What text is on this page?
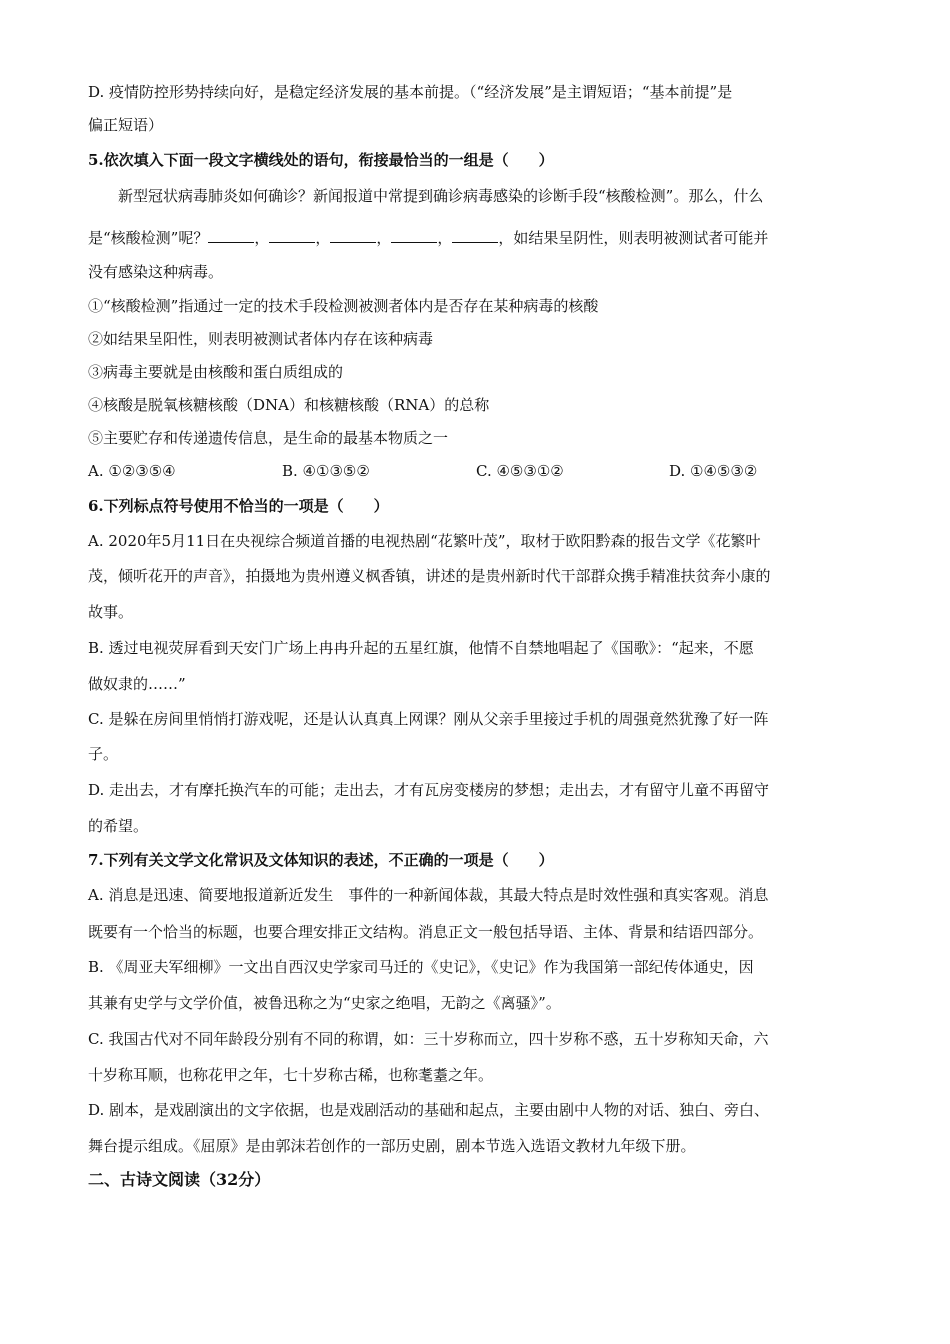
D. 疫情防控形势持续向好，是稳定经济发展的基本前提。（“经济发展”是主谓短语；“基本前提”是
偏正短语）
5.依次填入下面一段文字横线处的语句，衔接最恰当的一组是（　　）
新型冠状病毒肺炎如何确诊？新闻报道中常提到确诊病毒感染的诊断手段“核酸检测”。那么，什么
是“核酸检测”呢？	，	，	，	，	，如结果呈阴性，则表明被测试者可能并
没有感染这种病毒。
①“核酸检测”指通过一定的技术手段检测被测者体内是否存在某种病毒的核酸
②如结果呈阳性，则表明被测试者体内存在该种病毒
③病毒主要就是由核酸和蛋白质组成的
④核酸是脱氧核糖核酸（DNA）和核糖核酸（RNA）的总称
⑤主要贮存和传递遗传信息，是生命的最基本物质之一
A. ①②③⑤④	B. ④①③⑤②	C. ④⑤③①②	D. ①④⑤③②
6.下列标点符号使用不恰当的一项是（　　）
A. 2020年5月11日在央视综合频道首播的电视热剧“花繁叶茂”，取材于欧阳黔森的报告文学《花繁叶
茂，倾听花开的声音》，拍摄地为贵州遵义枫香镇，讲述的是贵州新时代干部群众携手精准扶贫奔小康的
故事。
B. 透过电视荧屏看到天安门广场上冉冉升起的五星红旗，他情不自禁地唱起了《国歌》：“起来，不愿
做奴隶的……”
C. 是躲在房间里悄悄打游戏呢，还是认认真真上网课？刚从父亲手里接过手机的周强竟然犹豫了好一阵
子。
D. 走出去，才有摩托换汽车的可能；走出去，才有瓦房变楼房的梦想；走出去，才有留守儿童不再留守
的希望。
7.下列有关文学文化常识及文体知识的表述，不正确的一项是（　　）
A. 消息是迅速、简要地报道新近发生　事件的一种新闻体裁，其最大特点是时效性强和真实客观。消息
既要有一个恰当的标题，也要合理安排正文结构。消息正文一般包括导语、主体、背景和结语四部分。
B. 《周亚夫军细柳》一文出自西汉史学家司马迁的《史记》，《史记》作为我国第一部纪传体通史，因
其兼有史学与文学价值，被鲁迅称之为“史家之绝唱，无韵之《离骚》”。
C. 我国古代对不同年龄段分别有不同的称谓，如：三十岁称而立，四十岁称不惑，五十岁称知天命，六
十岁称耳顺，也称花甲之年，七十岁称古稀，也称耄耋之年。
D. 剧本，是戏剧演出的文字依据，也是戏剧活动的基础和起点，主要由剧中人物的对话、独白、旁白、
舞台提示组成。《屈原》是由郭沫若创作的一部历史剧，剧本节选入选语文教材九年级下册。
二、古诗文阅读（32分）
